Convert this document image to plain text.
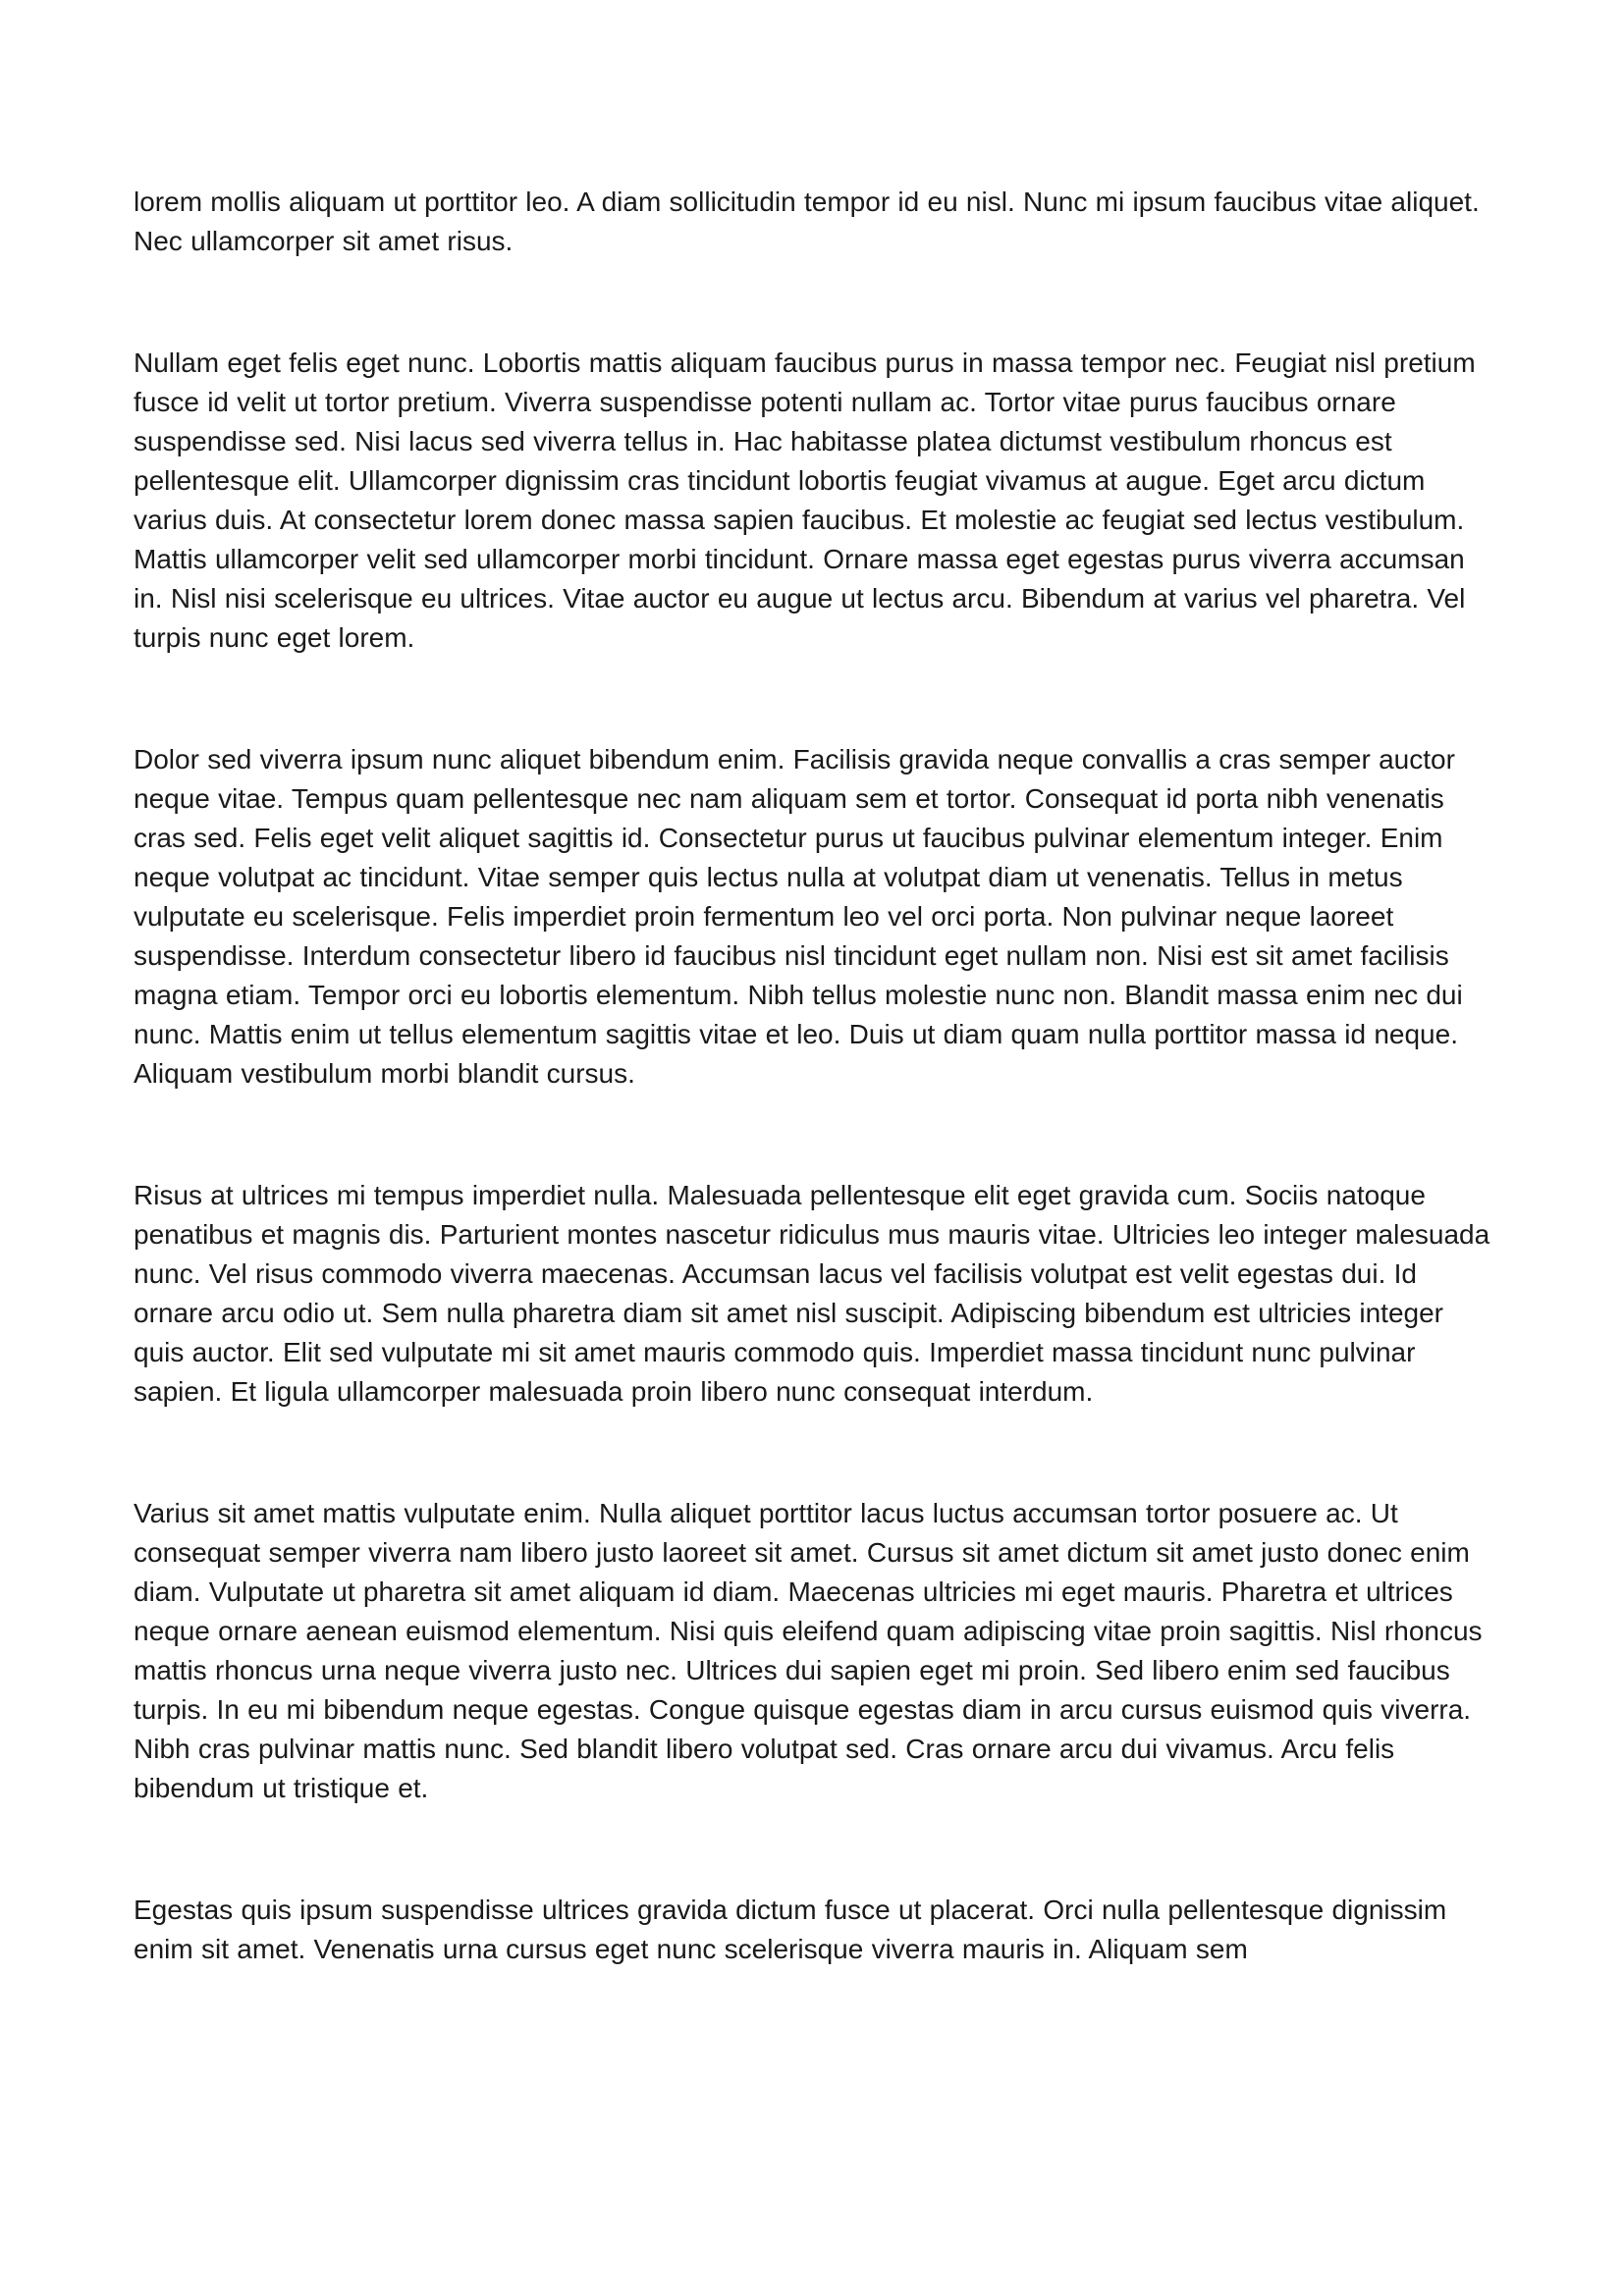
lorem mollis aliquam ut porttitor leo. A diam sollicitudin tempor id eu nisl. Nunc mi ipsum faucibus vitae aliquet. Nec ullamcorper sit amet risus.

Nullam eget felis eget nunc. Lobortis mattis aliquam faucibus purus in massa tempor nec. Feugiat nisl pretium fusce id velit ut tortor pretium. Viverra suspendisse potenti nullam ac. Tortor vitae purus faucibus ornare suspendisse sed. Nisi lacus sed viverra tellus in. Hac habitasse platea dictumst vestibulum rhoncus est pellentesque elit. Ullamcorper dignissim cras tincidunt lobortis feugiat vivamus at augue. Eget arcu dictum varius duis. At consectetur lorem donec massa sapien faucibus. Et molestie ac feugiat sed lectus vestibulum. Mattis ullamcorper velit sed ullamcorper morbi tincidunt. Ornare massa eget egestas purus viverra accumsan in. Nisl nisi scelerisque eu ultrices. Vitae auctor eu augue ut lectus arcu. Bibendum at varius vel pharetra. Vel turpis nunc eget lorem.

Dolor sed viverra ipsum nunc aliquet bibendum enim. Facilisis gravida neque convallis a cras semper auctor neque vitae. Tempus quam pellentesque nec nam aliquam sem et tortor. Consequat id porta nibh venenatis cras sed. Felis eget velit aliquet sagittis id. Consectetur purus ut faucibus pulvinar elementum integer. Enim neque volutpat ac tincidunt. Vitae semper quis lectus nulla at volutpat diam ut venenatis. Tellus in metus vulputate eu scelerisque. Felis imperdiet proin fermentum leo vel orci porta. Non pulvinar neque laoreet suspendisse. Interdum consectetur libero id faucibus nisl tincidunt eget nullam non. Nisi est sit amet facilisis magna etiam. Tempor orci eu lobortis elementum. Nibh tellus molestie nunc non. Blandit massa enim nec dui nunc. Mattis enim ut tellus elementum sagittis vitae et leo. Duis ut diam quam nulla porttitor massa id neque. Aliquam vestibulum morbi blandit cursus.

Risus at ultrices mi tempus imperdiet nulla. Malesuada pellentesque elit eget gravida cum. Sociis natoque penatibus et magnis dis. Parturient montes nascetur ridiculus mus mauris vitae. Ultricies leo integer malesuada nunc. Vel risus commodo viverra maecenas. Accumsan lacus vel facilisis volutpat est velit egestas dui. Id ornare arcu odio ut. Sem nulla pharetra diam sit amet nisl suscipit. Adipiscing bibendum est ultricies integer quis auctor. Elit sed vulputate mi sit amet mauris commodo quis. Imperdiet massa tincidunt nunc pulvinar sapien. Et ligula ullamcorper malesuada proin libero nunc consequat interdum.

Varius sit amet mattis vulputate enim. Nulla aliquet porttitor lacus luctus accumsan tortor posuere ac. Ut consequat semper viverra nam libero justo laoreet sit amet. Cursus sit amet dictum sit amet justo donec enim diam. Vulputate ut pharetra sit amet aliquam id diam. Maecenas ultricies mi eget mauris. Pharetra et ultrices neque ornare aenean euismod elementum. Nisi quis eleifend quam adipiscing vitae proin sagittis. Nisl rhoncus mattis rhoncus urna neque viverra justo nec. Ultrices dui sapien eget mi proin. Sed libero enim sed faucibus turpis. In eu mi bibendum neque egestas. Congue quisque egestas diam in arcu cursus euismod quis viverra. Nibh cras pulvinar mattis nunc. Sed blandit libero volutpat sed. Cras ornare arcu dui vivamus. Arcu felis bibendum ut tristique et.

Egestas quis ipsum suspendisse ultrices gravida dictum fusce ut placerat. Orci nulla pellentesque dignissim enim sit amet. Venenatis urna cursus eget nunc scelerisque viverra mauris in. Aliquam sem
